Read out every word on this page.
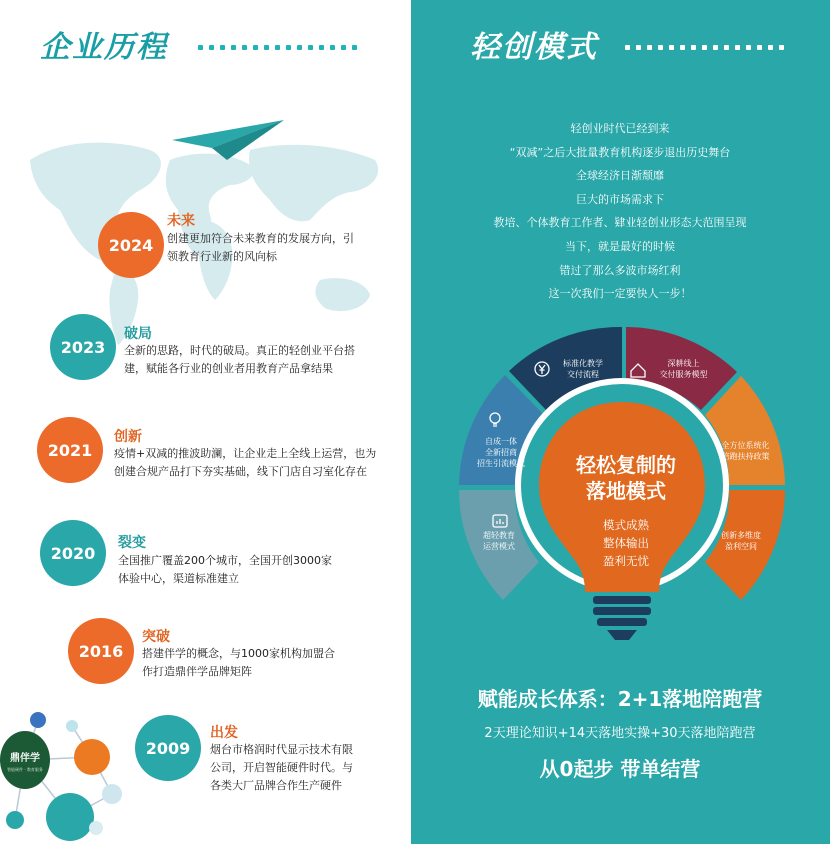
企业历程
2024
未来
创建更加符合未来教育的发展方向，引
领教育行业新的风向标
2023
破局
全新的思路，时代的破局。真正的轻创业平台搭
建，赋能各行业的创业者用教育产品拿结果
2021
创新
疫情+双减的推波助澜，让企业走上全线上运营，也为
创建合规产品打下夯实基础，线下门店自习室化存在
2020
裂变
全国推广覆盖200个城市，全国开创3000家
体验中心，渠道标准建立
2016
突破
搭建伴学的概念，与1000家机构加盟合
作打造鼎伴学品牌矩阵
2009
出发
烟台市格润时代显示技术有限
公司，开启智能硬件时代。与
各类大厂品牌合作生产硬件
鼎伴学
智能硬件 · 教育服务
轻创模式
轻创业时代已经到来
“双减”之后大批量教育机构逐步退出历史舞台
全球经济日渐颓靡
巨大的市场需求下
教培、个体教育工作者、肄业轻创业形态大范围呈现
当下，就是最好的时候
错过了那么多波市场红利
这一次我们一定要快人一步！
标准化教学
交付流程
深耕线上
交付服务模型
全方位系统化
陪跑扶持政策
创新多维度
盈利空间
超轻教育
运营模式
自成一体
全新招商
招生引流模式	轻松复制的
落地模式
模式成熟
整体输出
盈利无忧
赋能成长体系：2+1落地陪跑营
2天理论知识+14天落地实操+30天落地陪跑营
从0起步 带单结营
